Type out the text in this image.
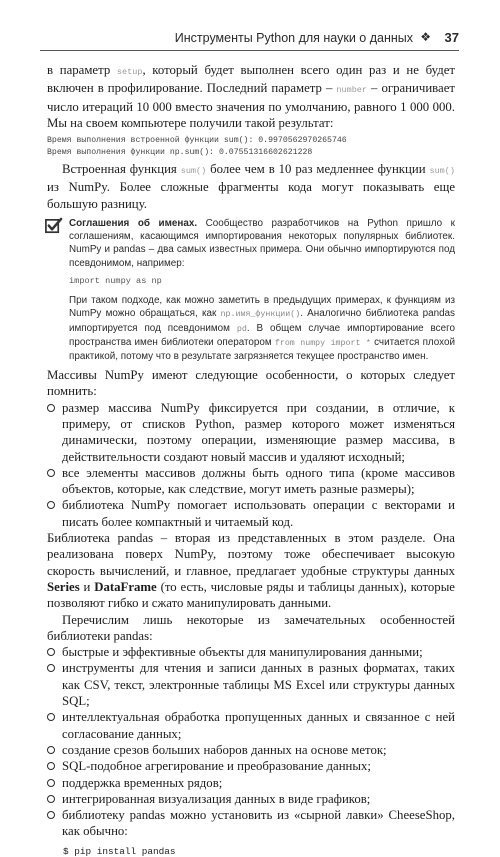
Инструменты Python для науки о данных ❖ 37

в параметр setup, который будет выполнен всего один раз и не будет включен в профилирование. Последний параметр – number – ограничивает число итераций 10 000 вместо значения по умолчанию, равного 1 000 000. Мы на своем компьютере получили такой результат:

Время выполнения встроенной функции sum(): 0.9970562970265746
Время выполнения функции np.sum(): 0.07551316602621228

Встроенная функция sum() более чем в 10 раз медленнее функции sum() из NumPy. Более сложные фрагменты кода могут показывать еще большую разницу.

Соглашения об именах. Сообщество разработчиков на Python пришло к соглашениям, касающимся импортирования некоторых популярных библиотек. NumPy и pandas – два самых известных примера. Они обычно импортируются под псевдонимом, например:

import numpy as np

При таком подходе, как можно заметить в предыдущих примерах, к функциям из NumPy можно обращаться, как np.имя_функции(). Аналогично библиотека pandas импортируется под псевдонимом pd. В общем случае импортирование всего пространства имен библиотеки оператором from numpy import * считается плохой практикой, потому что в результате загрязняется текущее пространство имен.

Массивы NumPy имеют следующие особенности, о которых следует помнить:

размер массива NumPy фиксируется при создании, в отличие, к примеру, от списков Python, размер которого может изменяться динамически, поэтому операции, изменяющие размер массива, в действительности создают новый массив и удаляют исходный;
все элементы массивов должны быть одного типа (кроме массивов объектов, которые, как следствие, могут иметь разные размеры);
библиотека NumPy помогает использовать операции с векторами и писать более компактный и читаемый код.

Библиотека pandas – вторая из представленных в этом разделе. Она реализована поверх NumPy, поэтому тоже обеспечивает высокую скорость вычислений, и главное, предлагает удобные структуры данных Series и DataFrame (то есть, числовые ряды и таблицы данных), которые позволяют гибко и сжато манипулировать данными.

Перечислим лишь некоторые из замечательных особенностей библиотеки pandas:

быстрые и эффективные объекты для манипулирования данными;
инструменты для чтения и записи данных в разных форматах, таких как CSV, текст, электронные таблицы MS Excel или структуры данных SQL;
интеллектуальная обработка пропущенных данных и связанное с ней согласование данных;
создание срезов больших наборов данных на основе меток;
SQL-подобное агрегирование и преобразование данных;
поддержка временных рядов;
интегрированная визуализация данных в виде графиков;
библиотеку pandas можно установить из «сырной лавки» CheeseShop, как обычно:
$ pip install pandas
